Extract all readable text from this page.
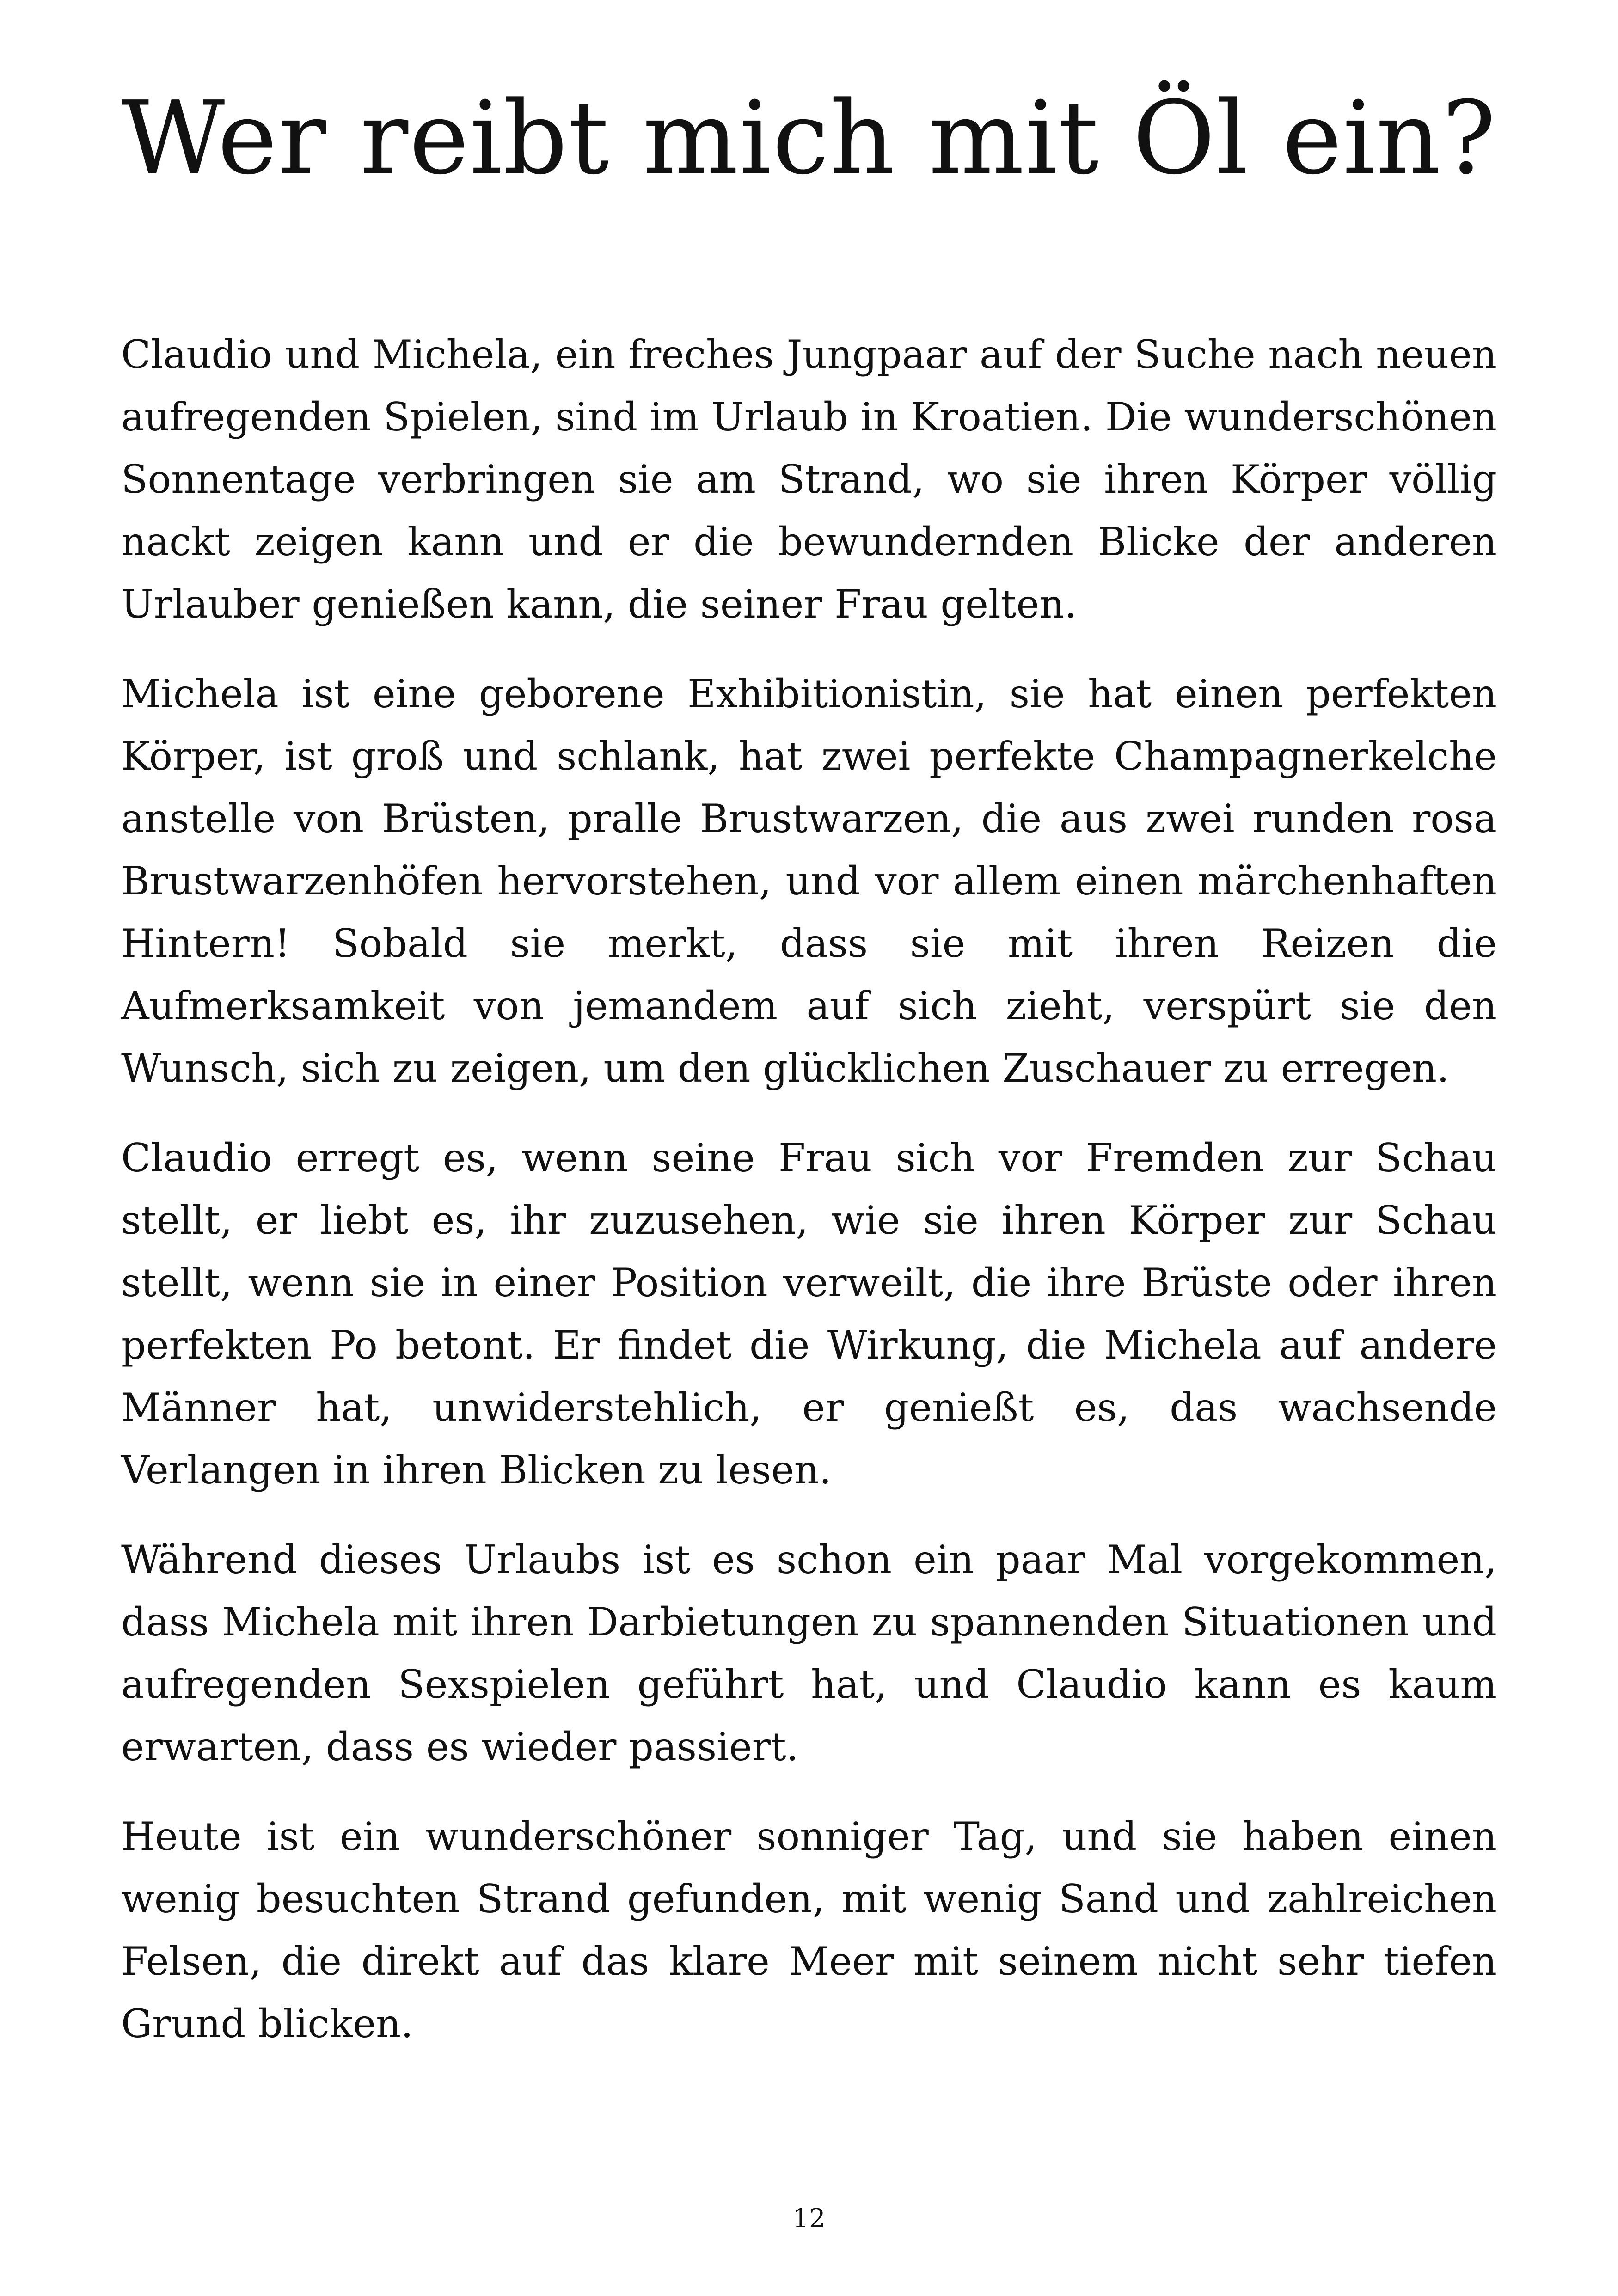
Wer reibt mich mit Öl ein?

Claudio und Michela, ein freches Jungpaar auf der Suche nach neuen aufregenden Spielen, sind im Urlaub in Kroatien. Die wunderschönen Sonnentage verbringen sie am Strand, wo sie ihren Körper völlig nackt zeigen kann und er die bewundernden Blicke der anderen Urlauber genießen kann, die seiner Frau gelten.

Michela ist eine geborene Exhibitionistin, sie hat einen perfekten Körper, ist groß und schlank, hat zwei perfekte Champagnerkelche anstelle von Brüsten, pralle Brustwarzen, die aus zwei runden rosa Brustwarzenhöfen hervorstehen, und vor allem einen märchenhaften Hintern! Sobald sie merkt, dass sie mit ihren Reizen die Aufmerksamkeit von jemandem auf sich zieht, verspürt sie den Wunsch, sich zu zeigen, um den glücklichen Zuschauer zu erregen.

Claudio erregt es, wenn seine Frau sich vor Fremden zur Schau stellt, er liebt es, ihr zuzusehen, wie sie ihren Körper zur Schau stellt, wenn sie in einer Position verweilt, die ihre Brüste oder ihren perfekten Po betont. Er findet die Wirkung, die Michela auf andere Männer hat, unwiderstehlich, er genießt es, das wachsende Verlangen in ihren Blicken zu lesen.

Während dieses Urlaubs ist es schon ein paar Mal vorgekommen, dass Michela mit ihren Darbietungen zu spannenden Situationen und aufregenden Sexspielen geführt hat, und Claudio kann es kaum erwarten, dass es wieder passiert.

Heute ist ein wunderschöner sonniger Tag, und sie haben einen wenig besuchten Strand gefunden, mit wenig Sand und zahlreichen Felsen, die direkt auf das klare Meer mit seinem nicht sehr tiefen Grund blicken.

12
